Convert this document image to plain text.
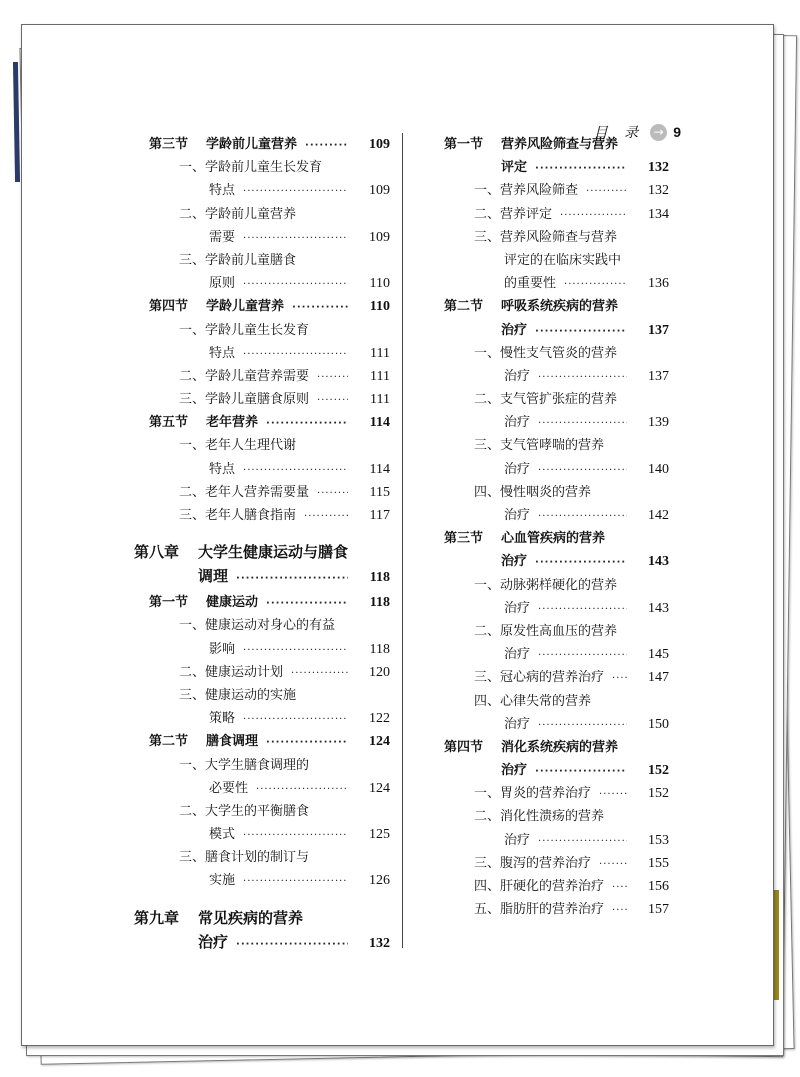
目 录 → 9
第三节	学龄前儿童营养 ·····	109
一、学龄前儿童生长发育
特点 ·····	109
二、学龄前儿童营养
需要 ·····	109
三、学龄前儿童膳食
原则 ·····	110
第四节	学龄儿童营养 ·····	110
一、学龄儿童生长发育
特点 ·····	111
二、学龄儿童营养需要 ·····	111
三、学龄儿童膳食原则 ·····	111
第五节	老年营养 ·····	114
一、老年人生理代谢
特点 ·····	114
二、老年人营养需要量 ·····	115
三、老年人膳食指南 ·····	117
第八章	大学生健康运动与膳食
调理 ·····	118
第一节	健康运动 ·····	118
一、健康运动对身心的有益
影响 ·····	118
二、健康运动计划 ·····	120
三、健康运动的实施
策略 ·····	122
第二节	膳食调理 ·····	124
一、大学生膳食调理的
必要性 ·····	124
二、大学生的平衡膳食
模式 ·····	125
三、膳食计划的制订与
实施 ·····	126
第九章	常见疾病的营养
治疗 ·····	132
第一节	营养风险筛查与营养
评定 ·····	132
一、营养风险筛查 ·····	132
二、营养评定 ·····	134
三、营养风险筛查与营养
评定的在临床实践中
的重要性 ·····	136
第二节	呼吸系统疾病的营养
治疗 ·····	137
一、慢性支气管炎的营养
治疗 ·····	137
二、支气管扩张症的营养
治疗 ·····	139
三、支气管哮喘的营养
治疗 ·····	140
四、慢性咽炎的营养
治疗 ·····	142
第三节	心血管疾病的营养
治疗 ·····	143
一、动脉粥样硬化的营养
治疗 ·····	143
二、原发性高血压的营养
治疗 ·····	145
三、冠心病的营养治疗 ·····	147
四、心律失常的营养
治疗 ·····	150
第四节	消化系统疾病的营养
治疗 ·····	152
一、胃炎的营养治疗 ·····	152
二、消化性溃疡的营养
治疗 ·····	153
三、腹泻的营养治疗 ·····	155
四、肝硬化的营养治疗 ·····	156
五、脂肪肝的营养治疗 ·····	157
